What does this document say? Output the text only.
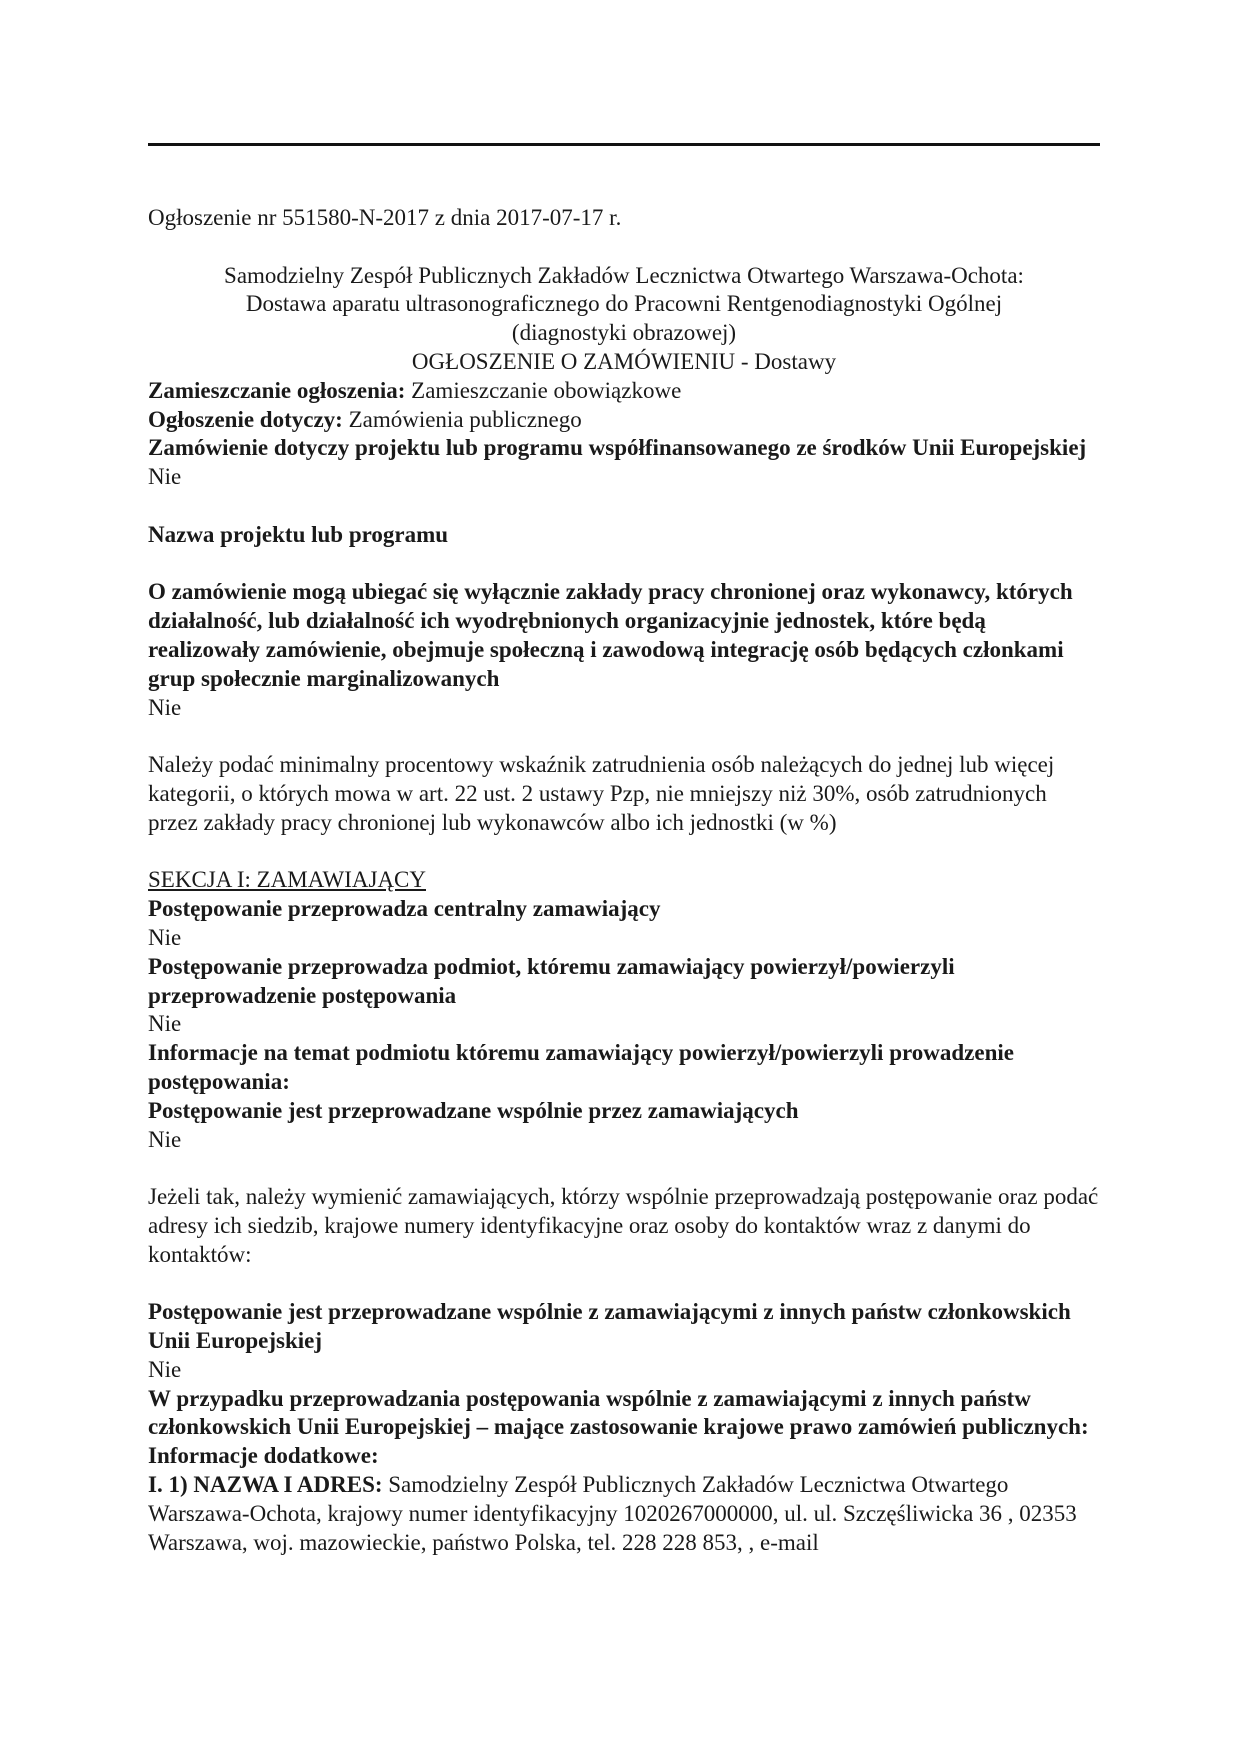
Ogłoszenie nr 551580-N-2017 z dnia 2017-07-17 r.

Samodzielny Zespół Publicznych Zakładów Lecznictwa Otwartego Warszawa-Ochota:

Dostawa aparatu ultrasonograficznego do Pracowni Rentgenodiagnostyki Ogólnej

(diagnostyki obrazowej)

OGŁOSZENIE O ZAMÓWIENIU - Dostawy

Zamieszczanie ogłoszenia: Zamieszczanie obowiązkowe

Ogłoszenie dotyczy: Zamówienia publicznego

Zamówienie dotyczy projektu lub programu współfinansowanego ze środków Unii Europejskiej

Nie

Nazwa projektu lub programu

O zamówienie mogą ubiegać się wyłącznie zakłady pracy chronionej oraz wykonawcy, których działalność, lub działalność ich wyodrębnionych organizacyjnie jednostek, które będą realizowały zamówienie, obejmuje społeczną i zawodową integrację osób będących członkami grup społecznie marginalizowanych

Nie

Należy podać minimalny procentowy wskaźnik zatrudnienia osób należących do jednej lub więcej kategorii, o których mowa w art. 22 ust. 2 ustawy Pzp, nie mniejszy niż 30%, osób zatrudnionych przez zakłady pracy chronionej lub wykonawców albo ich jednostki (w %)

SEKCJA I: ZAMAWIAJĄCY

Postępowanie przeprowadza centralny zamawiający

Nie

Postępowanie przeprowadza podmiot, któremu zamawiający powierzył/powierzyli przeprowadzenie postępowania

Nie

Informacje na temat podmiotu któremu zamawiający powierzył/powierzyli prowadzenie postępowania:

Postępowanie jest przeprowadzane wspólnie przez zamawiających

Nie

Jeżeli tak, należy wymienić zamawiających, którzy wspólnie przeprowadzają postępowanie oraz podać adresy ich siedzib, krajowe numery identyfikacyjne oraz osoby do kontaktów wraz z danymi do kontaktów:

Postępowanie jest przeprowadzane wspólnie z zamawiającymi z innych państw członkowskich Unii Europejskiej

Nie

W przypadku przeprowadzania postępowania wspólnie z zamawiającymi z innych państw członkowskich Unii Europejskiej – mające zastosowanie krajowe prawo zamówień publicznych:

Informacje dodatkowe:

I. 1) NAZWA I ADRES: Samodzielny Zespół Publicznych Zakładów Lecznictwa Otwartego Warszawa-Ochota, krajowy numer identyfikacyjny 1020267000000, ul. ul. Szczęśliwicka 36 , 02353 Warszawa, woj. mazowieckie, państwo Polska, tel. 228 228 853, , e-mail
